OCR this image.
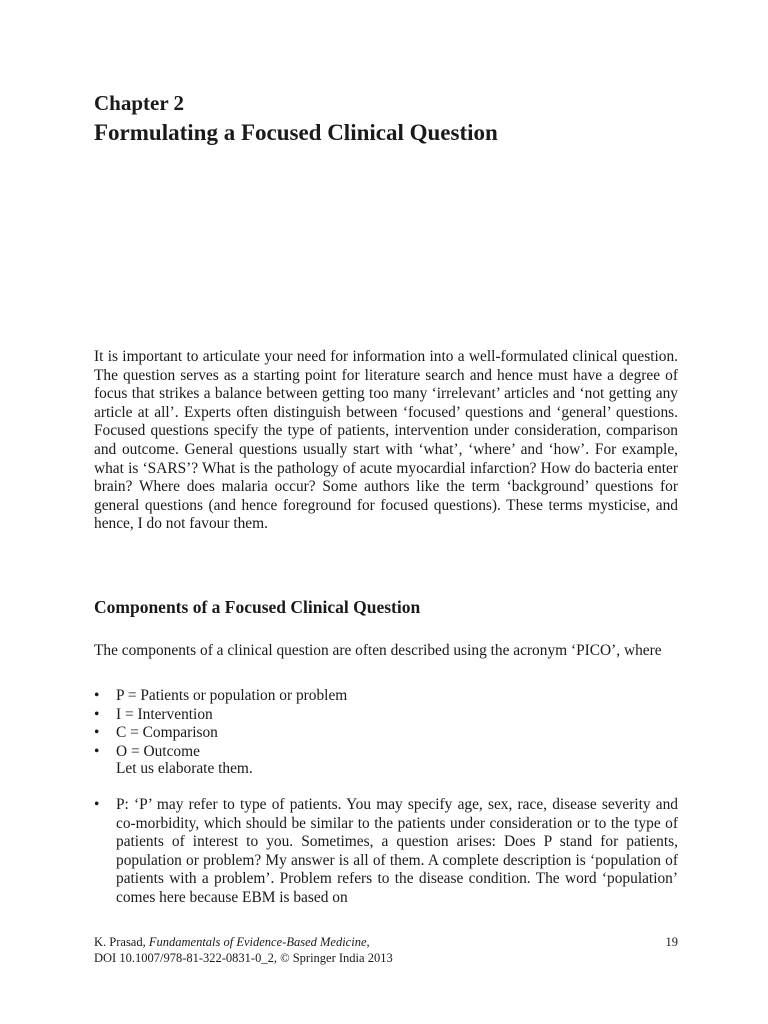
Chapter 2
Formulating a Focused Clinical Question

It is important to articulate your need for information into a well-formulated clinical question. The question serves as a starting point for literature search and hence must have a degree of focus that strikes a balance between getting too many ‘irrelevant’ articles and ‘not getting any article at all’. Experts often distinguish between ‘focused’ questions and ‘general’ questions. Focused questions specify the type of patients, intervention under consideration, comparison and outcome. General questions usually start with ‘what’, ‘where’ and ‘how’. For example, what is ‘SARS’? What is the pathology of acute myocardial infarction? How do bacteria enter brain? Where does malaria occur? Some authors like the term ‘background’ questions for general questions (and hence foreground for focused questions). These terms mysticise, and hence, I do not favour them.

Components of a Focused Clinical Question

The components of a clinical question are often described using the acronym ‘PICO’, where

• P = Patients or population or problem
• I = Intervention
• C = Comparison
• O = Outcome

Let us elaborate them.

• P: ‘P’ may refer to type of patients. You may specify age, sex, race, disease severity and co-morbidity, which should be similar to the patients under consideration or to the type of patients of interest to you. Sometimes, a question arises: Does P stand for patients, population or problem? My answer is all of them. A complete description is ‘population of patients with a problem’. Problem refers to the disease condition. The word ‘population’ comes here because EBM is based on

K. Prasad, Fundamentals of Evidence-Based Medicine,	19
DOI 10.1007/978-81-322-0831-0_2, © Springer India 2013
